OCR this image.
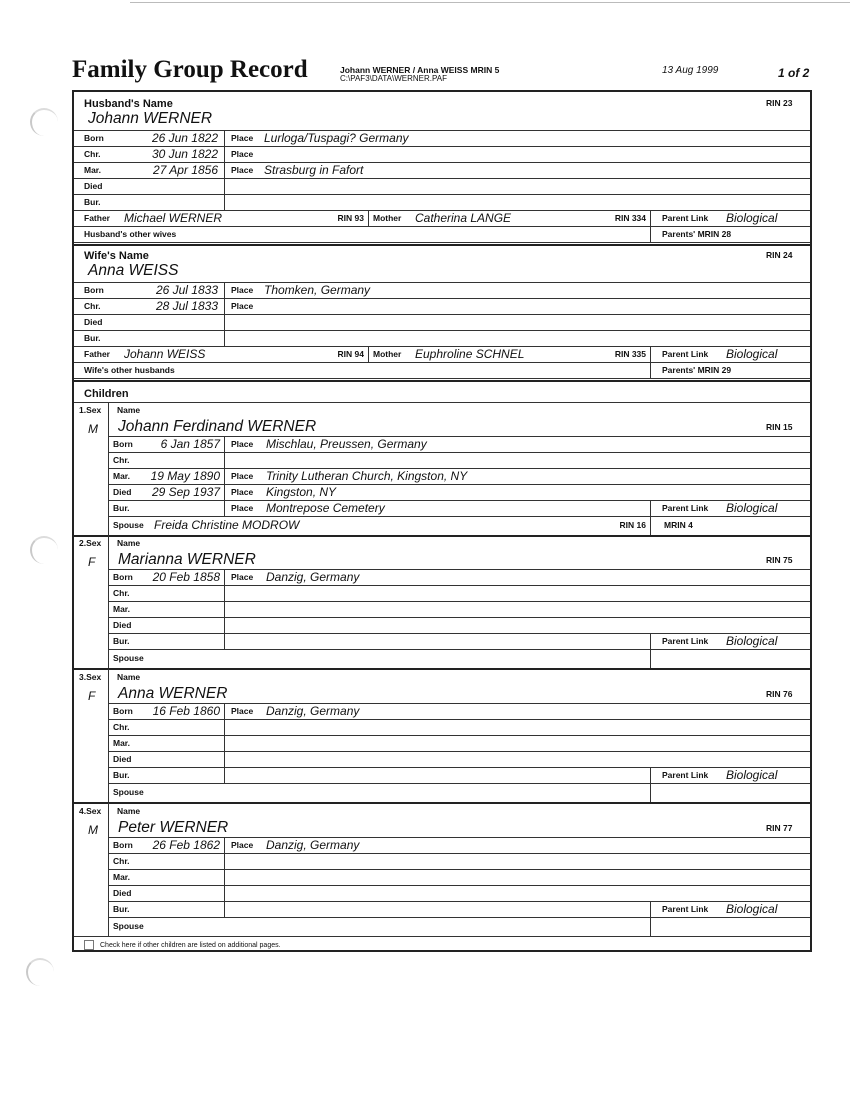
Family Group Record	Johann WERNER / Anna WEISS MRIN 5
C:\PAF3\DATA\WERNER.PAF
13 Aug 1999	1 of 2
Husband's Name	RIN 23
Johann WERNER
Born	26 Jun 1822 Place Lurloga/Tuspagi? Germany
Chr.	30 Jun 1822 Place
Mar.	27 Apr 1856 Place Strasburg in Fafort
Died
Bur.
Father Michael WERNER	RIN 93 Mother Catherina LANGE	RIN 334 Parent Link Biological
Husband's other wives	Parents' MRIN 28
Wife's Name	RIN 24
Anna WEISS
Born	26 Jul 1833 Place Thomken, Germany
Chr.	28 Jul 1833 Place
Died
Bur.
Father Johann WEISS	RIN 94 Mother Euphroline SCHNEL	RIN 335 Parent Link Biological
Wife's other husbands	Parents' MRIN 29
Children
1.Sex Name
M Johann Ferdinand WERNER	RIN 15
Born	6 Jan 1857 Place Mischlau, Preussen, Germany
Chr.
Mar.	19 May 1890 Place Trinity Lutheran Church, Kingston, NY
Died	29 Sep 1937 Place Kingston, NY
Bur.	Place Montrepose Cemetery	Parent Link Biological
Spouse Freida Christine MODROW	RIN 16 MRIN 4
2.Sex Name
F Marianna WERNER	RIN 75
Born	20 Feb 1858 Place Danzig, Germany
Chr.
Mar.
Died
Bur.	Parent Link Biological
Spouse
3.Sex Name
F Anna WERNER	RIN 76
Born	16 Feb 1860 Place Danzig, Germany
Chr.
Mar.
Died
Bur.	Parent Link Biological
Spouse
4.Sex Name
M Peter WERNER	RIN 77
Born	26 Feb 1862 Place Danzig, Germany
Chr.
Mar.
Died
Bur.	Parent Link Biological
Spouse
Check here if other children are listed on additional pages.
